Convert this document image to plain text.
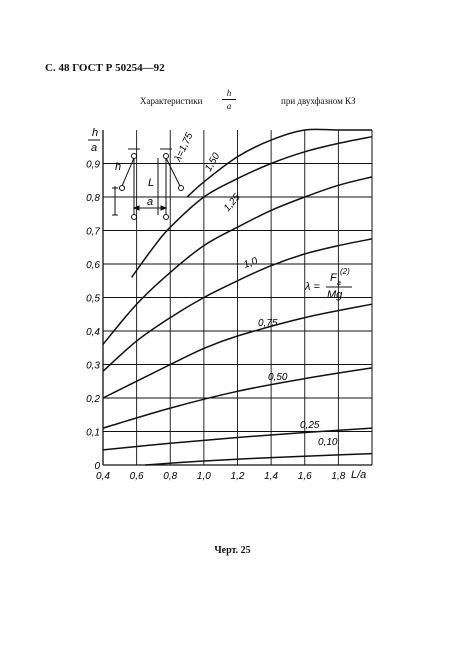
С. 48 ГОСТ Р 50254—92
Характеристики
h
a	при двухфазном КЗ
0,4 0,6 0,8 1,0 1,2 1,4 1,6 1,8
0
0,1
0,2
0,3
0,4
0,5
0,6
0,7
0,8
0,9
0,10
0,25
0,50
0,75
1,0
1,25
1,50
λ=1,75
h
a
L/a
λ =
F a
(2)
Mg
h
L
a
Черт. 25
